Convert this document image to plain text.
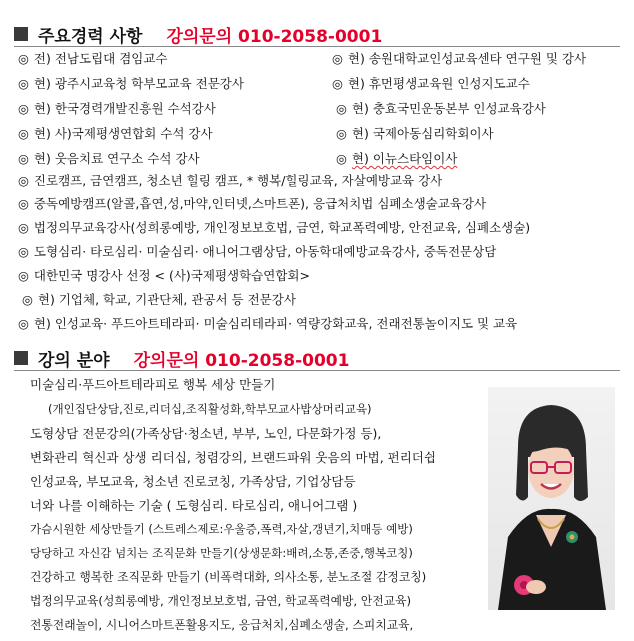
주요경력 사항 강의문의 010-2058-0001
◎ 전) 전남도립대 겸임교수
◎ 현) 광주시교육청 학부모교육 전문강사
◎ 현) 한국경력개발진흥원 수석강사
◎ 현) 사)국제평생연합회 수석 강사
◎ 현) 웃음치료 연구소 수석 강사
◎ 현) 송원대학교인성교육센타 연구원 및 강사
◎ 현) 휴먼평생교육원 인성지도교수
◎ 현) 충효국민운동본부 인성교육강사
◎ 현) 국제아동심리학회이사
◎ 현) 이뉴스타임이사
◎ 진로캠프, 금연캠프, 청소년 힐링 캠프, * 행복/힐링교육, 자살예방교육 강사
◎ 중독예방캠프(알콜,흡연,성,마약,인터넷,스마트폰), 응급처치법 심폐소생술교육강사
◎ 법정의무교육강사(성희롱예방, 개인정보보호법, 금연, 학교폭력예방, 안전교육, 심폐소생술)
◎ 도형심리· 타로심리· 미술심리· 애니어그램상담, 아동학대예방교육강사, 중독전문상담
◎ 대한민국 명강사 선정 < (사)국제평생학습연합회>
◎ 현) 기업체, 학교, 기관단체, 관공서 등 전문강사
◎ 현) 인성교육· 푸드아트테라피· 미술심리테라피· 역량강화교육, 전래전통놀이지도 및 교육
강의 분야 강의문의 010-2058-0001
미술심리·푸드아트테라피로 행복 세상 만들기
(개인집단상담,진로,리더십,조직활성화,학부모교사밥상머리교육)
도형상담 전문강의(가족상담·청소년, 부부, 노인, 다문화가정 등),
변화관리 혁신과 상생 리더십, 청렴강의, 브랜드파워 웃음의 마법, 펀리더쉽
인성교육, 부모교육, 청소년 진로코칭, 가족상담, 기업상담등
너와 나를 이해하는 기술 ( 도형심리. 타로심리, 애니어그램 )
가슴시원한 세상만들기 (스트레스제로:우울증,폭력,자살,갱년기,치매등 예방)
당당하고 자신감 넘치는 조직문화 만들기(상생문화:배려,소통,존중,행복코칭)
건강하고 행복한 조직문화 만들기 (비폭력대화, 의사소통, 분노조절 감정코칭)
법정의무교육(성희롱예방, 개인정보보호법, 금연, 학교폭력예방, 안전교육)
전통전래놀이, 시니어스마트폰활용지도, 응급처치,심폐소생술, 스피치교육,
